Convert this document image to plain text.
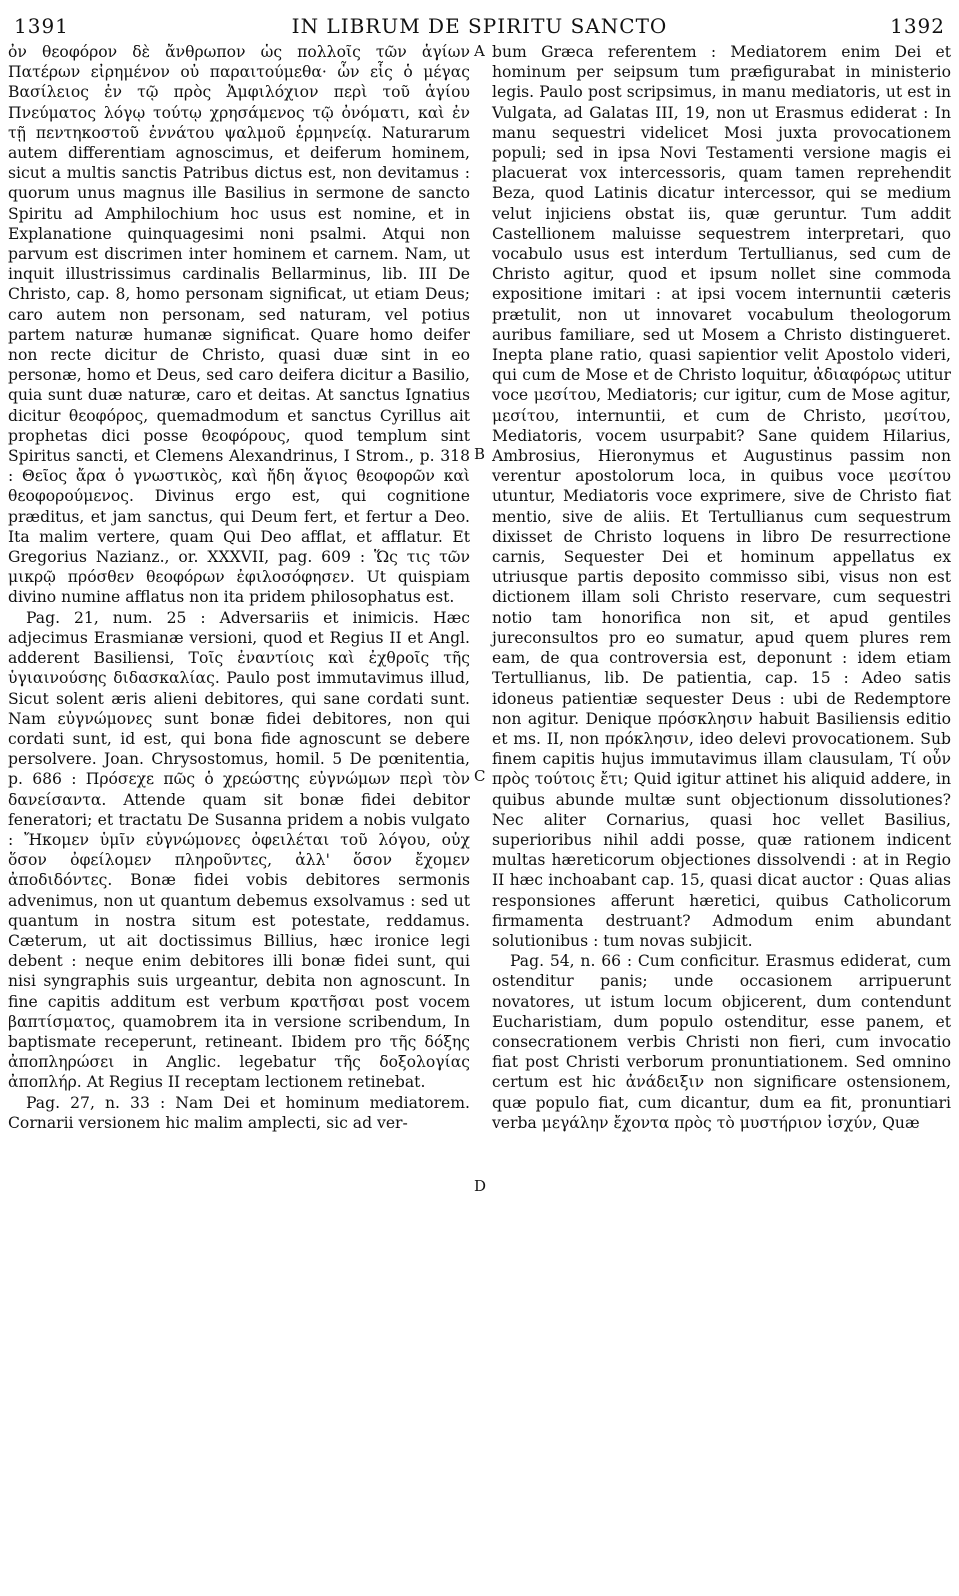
1391	IN LIBRUM DE SPIRITU SANCTO	1392
A
B
C
D

ὀν θεοφόρον δὲ ἄνθρωπον ὡς πολλοῖς τῶν ἁγίων Πατέρων εἰρημένον οὐ παραιτούμεθα· ὧν εἷς ὁ μέγας Βασίλειος ἐν τῷ πρὸς Ἀμφιλόχιον περὶ τοῦ ἁγίου Πνεύματος λόγῳ τούτῳ χρησάμενος τῷ ὀνόματι, καὶ ἐν τῇ πεντηκοστοῦ ἐννάτου ψαλμοῦ ἑρμηνείᾳ. Naturarum autem differentiam agnoscimus, et deiferum hominem, sicut a multis sanctis Patribus dictus est, non devitamus : quorum unus magnus ille Basilius in sermone de sancto Spiritu ad Amphilochium hoc usus est nomine, et in Explanatione quinquagesimi noni psalmi. Atqui non parvum est discrimen inter hominem et carnem. Nam, ut inquit illustrissimus cardinalis Bellarminus, lib. III De Christo, cap. 8, homo personam significat, ut etiam Deus; caro autem non personam, sed naturam, vel potius partem naturæ humanæ significat. Quare homo deifer non recte dicitur de Christo, quasi duæ sint in eo personæ, homo et Deus, sed caro deifera dicitur a Basilio, quia sunt duæ naturæ, caro et deitas. At sanctus Ignatius dicitur θεοφόρος, quemadmodum et sanctus Cyrillus ait prophetas dici posse θεοφόρους, quod templum sint Spiritus sancti, et Clemens Alexandrinus, I Strom., p. 318 : Θεῖος ἄρα ὁ γνωστικὸς, καὶ ἤδη ἅγιος θεοφορῶν καὶ θεοφορούμενος. Divinus ergo est, qui cognitione præditus, et jam sanctus, qui Deum fert, et fertur a Deo. Ita malim vertere, quam Qui Deo afflat, et afflatur. Et Gregorius Nazianz., or. XXXVII, pag. 609 : Ὥς τις τῶν μικρῷ πρόσθεν θεοφόρων ἐφιλοσόφησεν. Ut quispiam divino numine afflatus non ita pridem philosophatus est.

Pag. 21, num. 25 : Adversariis et inimicis. Hæc adjecimus Erasmianæ versioni, quod et Regius II et Angl. adderent Basiliensi, Τοῖς ἐναντίοις καὶ ἐχθροῖς τῆς ὑγιαινούσης διδασκαλίας. Paulo post immutavimus illud, Sicut solent æris alieni debitores, qui sane cordati sunt. Nam εὐγνώμονες sunt bonæ fidei debitores, non qui cordati sunt, id est, qui bona fide agnoscunt se debere persolvere. Joan. Chrysostomus, homil. 5 De pœnitentia, p. 686 : Πρόσεχε πῶς ὁ χρεώστης εὐγνώμων περὶ τὸν δανείσαντα. Attende quam sit bonæ fidei debitor feneratori; et tractatu De Susanna pridem a nobis vulgato : Ἤκομεν ὑμῖν εὐγνώμονες ὀφειλέται τοῦ λόγου, οὐχ ὅσον ὀφείλομεν πληροῦντες, ἀλλ' ὅσον ἔχομεν ἀποδιδόντες. Bonæ fidei vobis debitores sermonis advenimus, non ut quantum debemus exsolvamus : sed ut quantum in nostra situm est potestate, reddamus. Cæterum, ut ait doctissimus Billius, hæc ironice legi debent : neque enim debitores illi bonæ fidei sunt, qui nisi syngraphis suis urgeantur, debita non agnoscunt. In fine capitis additum est verbum κρατῆσαι post vocem βαπτίσματος, quamobrem ita in versione scribendum, In baptismate receperunt, retineant. Ibidem pro τῆς δόξης ἀποπληρώσει in Anglic. legebatur τῆς δοξολογίας ἀποπλήρ. At Regius II receptam lectionem retinebat.

Pag. 27, n. 33 : Nam Dei et hominum mediatorem. Cornarii versionem hic malim amplecti, sic ad ver-

bum Græca referentem : Mediatorem enim Dei et hominum per seipsum tum præfigurabat in ministerio legis. Paulo post scripsimus, in manu mediatoris, ut est in Vulgata, ad Galatas III, 19, non ut Erasmus ediderat : In manu sequestri videlicet Mosi juxta provocationem populi; sed in ipsa Novi Testamenti versione magis ei placuerat vox intercessoris, quam tamen reprehendit Beza, quod Latinis dicatur intercessor, qui se medium velut injiciens obstat iis, quæ geruntur. Tum addit Castellionem maluisse sequestrem interpretari, quo vocabulo usus est interdum Tertullianus, sed cum de Christo agitur, quod et ipsum nollet sine commoda expositione imitari : at ipsi vocem internuntii cæteris prætulit, non ut innovaret vocabulum theologorum auribus familiare, sed ut Mosem a Christo distingueret. Inepta plane ratio, quasi sapientior velit Apostolo videri, qui cum de Mose et de Christo loquitur, ἀδιαφόρως utitur voce μεσίτου, Mediatoris; cur igitur, cum de Mose agitur, μεσίτου, internuntii, et cum de Christo, μεσίτου, Mediatoris, vocem usurpabit? Sane quidem Hilarius, Ambrosius, Hieronymus et Augustinus passim non verentur apostolorum loca, in quibus voce μεσίτου utuntur, Mediatoris voce exprimere, sive de Christo fiat mentio, sive de aliis. Et Tertullianus cum sequestrum dixisset de Christo loquens in libro De resurrectione carnis, Sequester Dei et hominum appellatus ex utriusque partis deposito commisso sibi, visus non est dictionem illam soli Christo reservare, cum sequestri notio tam honorifica non sit, et apud gentiles jureconsultos pro eo sumatur, apud quem plures rem eam, de qua controversia est, deponunt : idem etiam Tertullianus, lib. De patientia, cap. 15 : Adeo satis idoneus patientiæ sequester Deus : ubi de Redemptore non agitur. Denique πρόσκλησιν habuit Basiliensis editio et ms. II, non πρόκλησιν, ideo delevi provocationem. Sub finem capitis hujus immutavimus illam clausulam, Τί οὖν πρὸς τούτοις ἔτι; Quid igitur attinet his aliquid addere, in quibus abunde multæ sunt objectionum dissolutiones? Nec aliter Cornarius, quasi hoc vellet Basilius, superioribus nihil addi posse, quæ rationem indicent multas hæreticorum objectiones dissolvendi : at in Regio II hæc inchoabant cap. 15, quasi dicat auctor : Quas alias responsiones afferunt hæretici, quibus Catholicorum firmamenta destruant? Admodum enim abundant solutionibus : tum novas subjicit.

Pag. 54, n. 66 : Cum conficitur. Erasmus ediderat, cum ostenditur panis; unde occasionem arripuerunt novatores, ut istum locum objicerent, dum contendunt Eucharistiam, dum populo ostenditur, esse panem, et consecrationem verbis Christi non fieri, cum invocatio fiat post Christi verborum pronuntiationem. Sed omnino certum est hic ἀνάδειξιν non significare ostensionem, quæ populo fiat, cum dicantur, dum ea fit, pronuntiari verba μεγάλην ἔχοντα πρὸς τὸ μυστήριον ἰσχύν, Quæ
